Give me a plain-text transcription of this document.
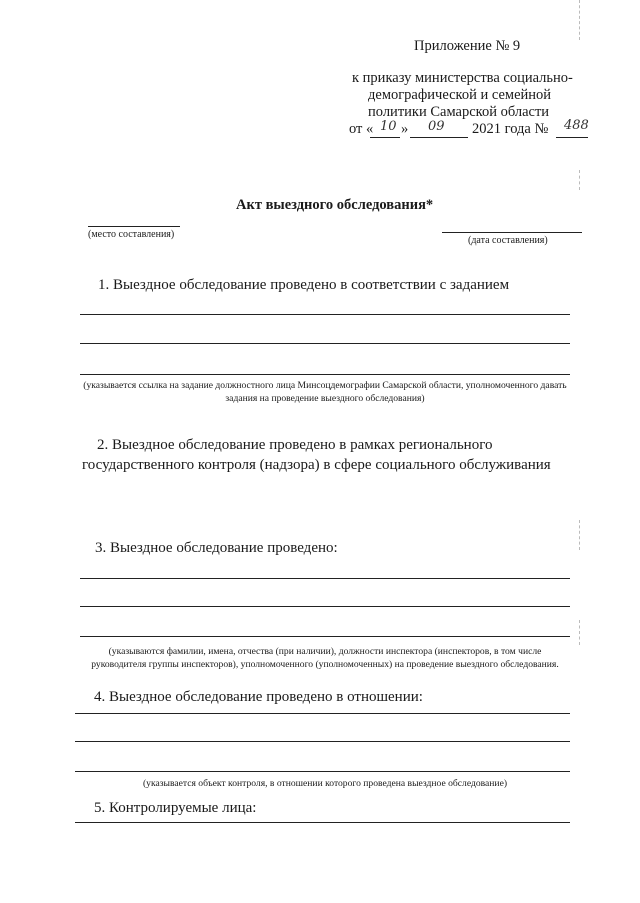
Приложение № 9
к приказу министерства социально-
демографической и семейной
политики Самарской области
от « 10 » 09 2021 года № 488
Акт выездного обследования*
(место составления)
(дата составления)
1. Выездное обследование проведено в соответствии с заданием
(указывается ссылка на задание должностного лица Минсоцдемографии Самарской области, уполномоченного давать задания на проведение выездного обследования)
2. Выездное обследование проведено в рамках регионального
государственного контроля (надзора) в сфере социального обслуживания
3. Выездное обследование проведено:
(указываются фамилии, имена, отчества (при наличии), должности инспектора (инспекторов, в том числе руководителя группы инспекторов), уполномоченного (уполномоченных) на проведение выездного обследования.
4. Выездное обследование проведено в отношении:
(указывается объект контроля, в отношении которого проведена выездное обследование)
5. Контролируемые лица:
